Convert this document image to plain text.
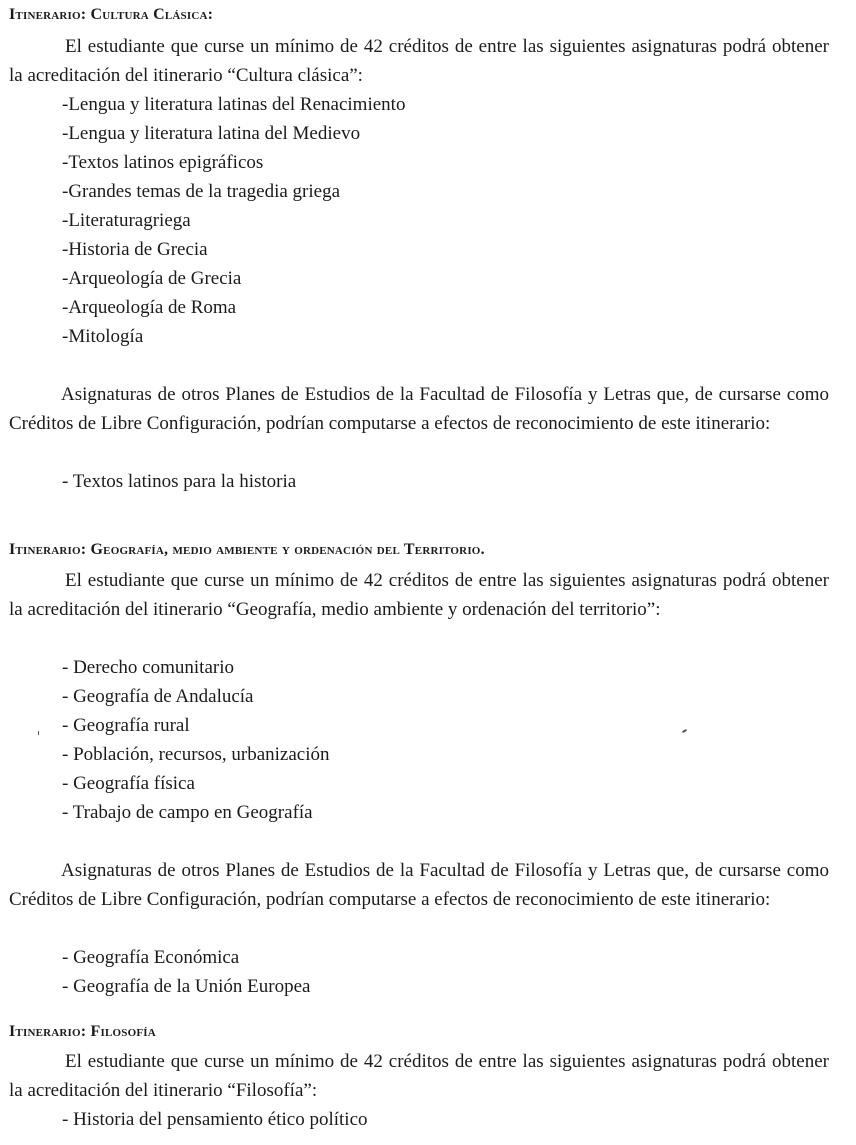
Itinerario: Cultura Clásica:

El estudiante que curse un mínimo de 42 créditos de entre las siguientes asignaturas podrá obtener la acreditación del itinerario “Cultura clásica”:

-Lengua y literatura latinas del Renacimiento
-Lengua y literatura latina del Medievo
-Textos latinos epigráficos
-Grandes temas de la tragedia griega
-Literaturagriega
-Historia de Grecia
-Arqueología de Grecia
-Arqueología de Roma
-Mitología

Asignaturas de otros Planes de Estudios de la Facultad de Filosofía y Letras que, de cursarse como Créditos de Libre Configuración, podrían computarse a efectos de reconocimiento de este itinerario:

- Textos latinos para la historia
Itinerario: Geografía, medio ambiente y ordenación del Territorio.

El estudiante que curse un mínimo de 42 créditos de entre las siguientes asignaturas podrá obtener la acreditación del itinerario “Geografía, medio ambiente y ordenación del territorio”:

- Derecho comunitario
- Geografía de Andalucía
- Geografía rural
- Población, recursos, urbanización
- Geografía física
- Trabajo de campo en Geografía

Asignaturas de otros Planes de Estudios de la Facultad de Filosofía y Letras que, de cursarse como Créditos de Libre Configuración, podrían computarse a efectos de reconocimiento de este itinerario:

- Geografía Económica
- Geografía de la Unión Europea
Itinerario: Filosofía

El estudiante que curse un mínimo de 42 créditos de entre las siguientes asignaturas podrá obtener la acreditación del itinerario “Filosofía”:

- Historia del pensamiento ético político
